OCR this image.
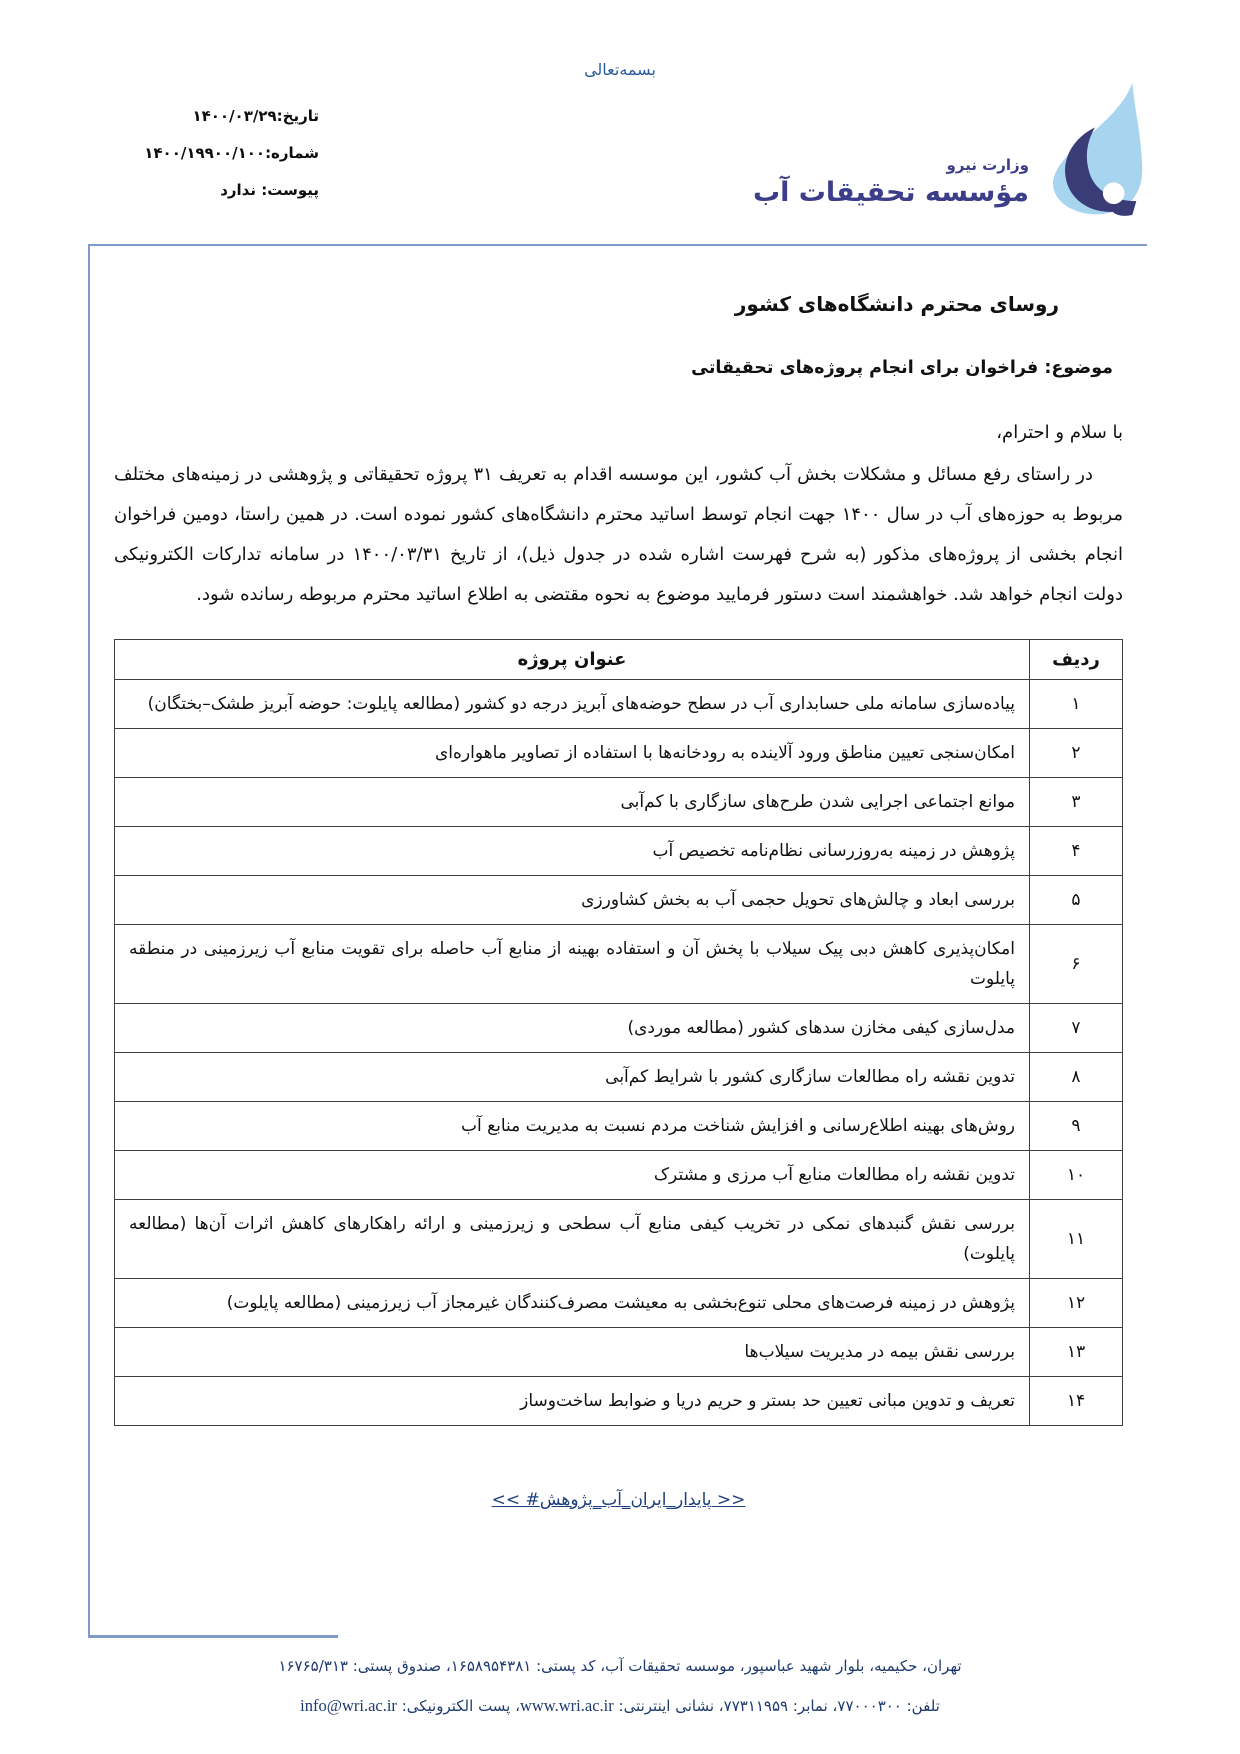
بسمه‌تعالی
تاریخ:۱۴۰۰/۰۳/۲۹
شماره:۱۴۰۰/۱۹۹۰۰/۱۰۰
پیوست: ندارد
وزارت نیرو
مؤسسه تحقیقات آب
روسای محترم دانشگاه‌های کشور
موضوع: فراخوان برای انجام پروژه‌های تحقیقاتی
با سلام و احترام،

در راستای رفع مسائل و مشکلات بخش آب کشور، این موسسه اقدام به تعریف ۳۱ پروژه تحقیقاتی و پژوهشی در زمینه‌های مختلف مربوط به حوزه‌های آب در سال ۱۴۰۰ جهت انجام توسط اساتید محترم دانشگاه‌های کشور نموده است. در همین راستا، دومین فراخوان انجام بخشی از پروژه‌های مذکور (به شرح فهرست اشاره شده در جدول ذیل)، از تاریخ ۱۴۰۰/۰۳/۳۱ در سامانه تدارکات الکترونیکی دولت انجام خواهد شد. خواهشمند است دستور فرمایید موضوع به نحوه مقتضی به اطلاع اساتید محترم مربوطه رسانده شود.

ردیف	عنوان پروژه
۱	پیاده‌سازی سامانه ملی حسابداری آب در سطح حوضه‌های آبریز درجه دو کشور (مطالعه پایلوت: حوضه آبریز طشک–بختگان)
۲	امکان‌سنجی تعیین مناطق ورود آلاینده به رودخانه‌ها با استفاده از تصاویر ماهواره‌ای
۳	موانع اجتماعی اجرایی شدن طرح‌های سازگاری با کم‌آبی
۴	پژوهش در زمینه به‌روزرسانی نظام‌نامه تخصیص آب
۵	بررسی ابعاد و چالش‌های تحویل حجمی آب به بخش کشاورزی
۶	امکان‌پذیری کاهش دبی پیک سیلاب با پخش آن و استفاده بهینه از منابع آب حاصله برای تقویت منابع آب زیرزمینی در منطقه پایلوت
۷	مدل‌سازی کیفی مخازن سدهای کشور (مطالعه موردی)
۸	تدوین نقشه راه مطالعات سازگاری کشور با شرایط کم‌آبی
۹	روش‌های بهینه اطلاع‌رسانی و افزایش شناخت مردم نسبت به مدیریت منابع آب
۱۰	تدوین نقشه راه مطالعات منابع آب مرزی و مشترک
۱۱	بررسی نقش گنبدهای نمکی در تخریب کیفی منابع آب سطحی و زیرزمینی و ارائه راهکارهای کاهش اثرات آن‌ها (مطالعه پایلوت)
۱۲	پژوهش در زمینه فرصت‌های محلی تنوع‌بخشی به معیشت مصرف‌کنندگان غیرمجاز آب زیرزمینی (مطالعه پایلوت)
۱۳	بررسی نقش بیمه در مدیریت سیلاب‌ها
۱۴	تعریف و تدوین مبانی تعیین حد بستر و حریم دریا و ضوابط ساخت‌وساز
<< #پژوهش‎_‎آب‎_‎ایران‎_‎پایدار >>
تهران، حکیمیه، بلوار شهید عباسپور، موسسه تحقیقات آب، کد پستی: ۱۶۵۸۹۵۴۳۸۱، صندوق پستی: ۱۶۷۶۵/۳۱۳
تلفن: ۷۷۰۰۰۳۰۰، نمابر: ۷۷۳۱۱۹۵۹، نشانی اینترنتی: www.wri.ac.ir، پست الکترونیکی: info@wri.ac.ir
